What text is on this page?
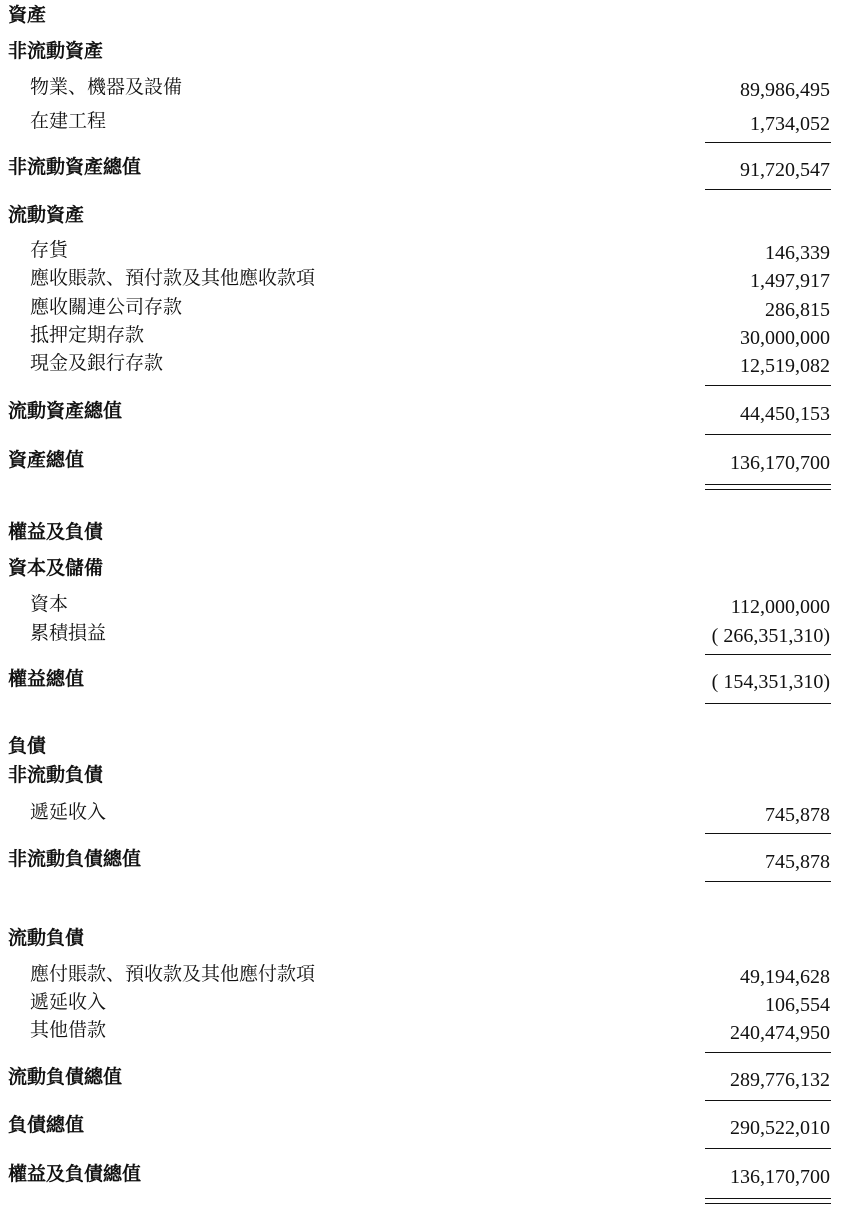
資產
非流動資產
物業、機器及設備	89,986,495
在建工程	1,734,052
非流動資產總值	91,720,547
流動資產
存貨	146,339
應收賬款、預付款及其他應收款項	1,497,917
應收關連公司存款	286,815
抵押定期存款	30,000,000
現金及銀行存款	12,519,082
流動資產總值	44,450,153
資產總值	136,170,700
權益及負債
資本及儲備
資本	112,000,000
累積損益	( 266,351,310)
權益總值	( 154,351,310)
負債
非流動負債
遞延收入	745,878
非流動負債總值	745,878
流動負債
應付賬款、預收款及其他應付款項	49,194,628
遞延收入	106,554
其他借款	240,474,950
流動負債總值	289,776,132
負債總值	290,522,010
權益及負債總值	136,170,700
